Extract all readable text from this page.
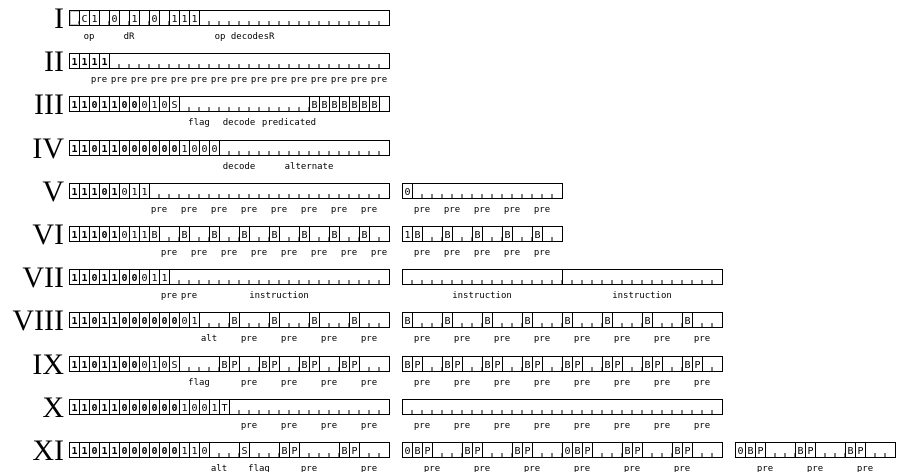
I C 1 0 1 0 1 1 1
op	dR	op decode sR
II 1 1 1 1
pre pre pre pre pre pre pre pre pre pre pre pre pre pre pre
III 1 1 0 1 1 0 0 0 1 0 S	B B B B B B B
flag decode predicated
IV 1 1 0 1 1 0 0 0 0 0 0 1 0 0 0
decode	alternate
V 1 1 1 0 1 0 1 1
pre pre pre pre pre pre pre pre
0
pre pre pre pre pre
VI 1 1 1 0 1 0 1 1 B B B B B B B B
pre pre pre pre pre pre pre pre
1 B B B B B
pre pre pre pre pre
VII 1 1 0 1 1 0 0 0 1 1
pre pre	instruction	instruction	instruction
VIII 1 1 0 1 1 0 0 0 0 0 0 0 1	B	B	B	B
alt	pre	pre	pre	pre
B	B	B	B	B	B	B	B
pre	pre	pre	pre	pre	pre	pre	pre
IX 1 1 0 1 1 0 0 0 1 0 S	B P B P B P B P
flag	pre	pre	pre	pre
B P B P B P B P B P B P B P B P
pre	pre	pre	pre	pre	pre	pre	pre
X 1 1 0 1 1 0 0 0 0 0 0 1 0 0 1 T
pre	pre	pre	pre	pre	pre	pre	pre	pre	pre	pre	pre
XI 1 1 0 1 1 0 0 0 0 0 0 1 1 0	S	B P	B P
alt flag	pre	pre
0 B P	B P	B P	0 B P	B P	B P
pre	pre	pre	pre	pre	pre
0 B P	B P	B P
pre	pre	pre
